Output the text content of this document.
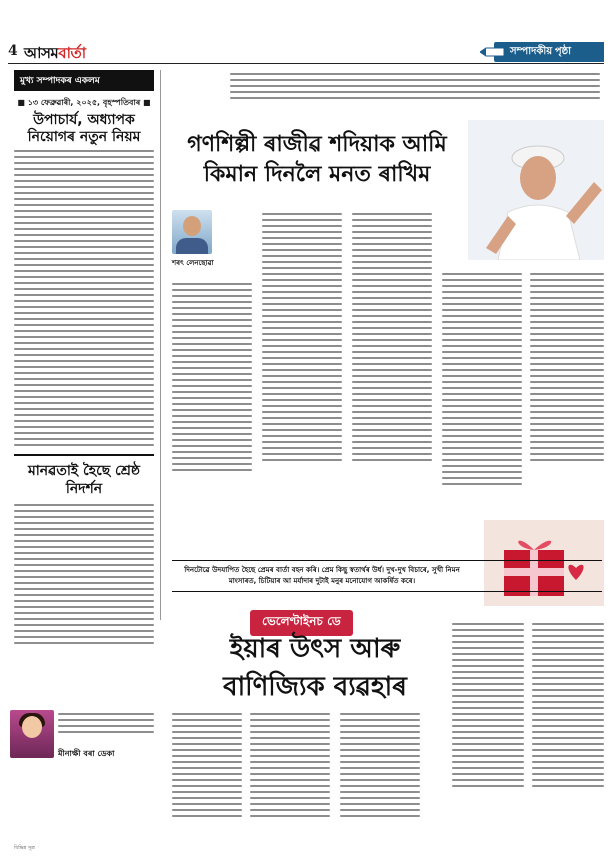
4 আসমবাৰ্তা	সম্পাদকীয় পৃষ্ঠা
মুখ্য সম্পাদকৰ একলম
■ ১৩ ফেব্ৰুৱাৰী, ২০২৫, বৃহস্পতিবাৰ ■
উপাচাৰ্য, অধ্যাপক নিয়োগৰ নতুন নিয়ম
মানৱতাই হৈছে শ্ৰেষ্ঠ নিদৰ্শন
মীনাক্ষী বৰা ডেকা
গণশিল্পী ৰাজীৱ শদিয়াক আমি কিমান দিনলৈ মনত ৰাখিম
শৰৎ লেনছোৱা

দিনটোৱে উদযাপিত হৈছে প্ৰেমৰ বাৰ্তা বহন কৰি। প্ৰেম কিছু স্বতাৰ্থৰ উৰ্ধ। দুখ-দুখ বিচাৰে, সুখী নিমন মাংসাৰত, চিটিয়াৰ আ মৰ্যাদাৰ দুটাই মনুৰ মনোযোগ আকৰ্ষিত কৰে।

ভেলেণ্টাইনচ ডে
ইয়াৰ উৎস আৰু বাণিজ্যিক ব্যৱহাৰ
বিভিন্ন সূত্ৰ
